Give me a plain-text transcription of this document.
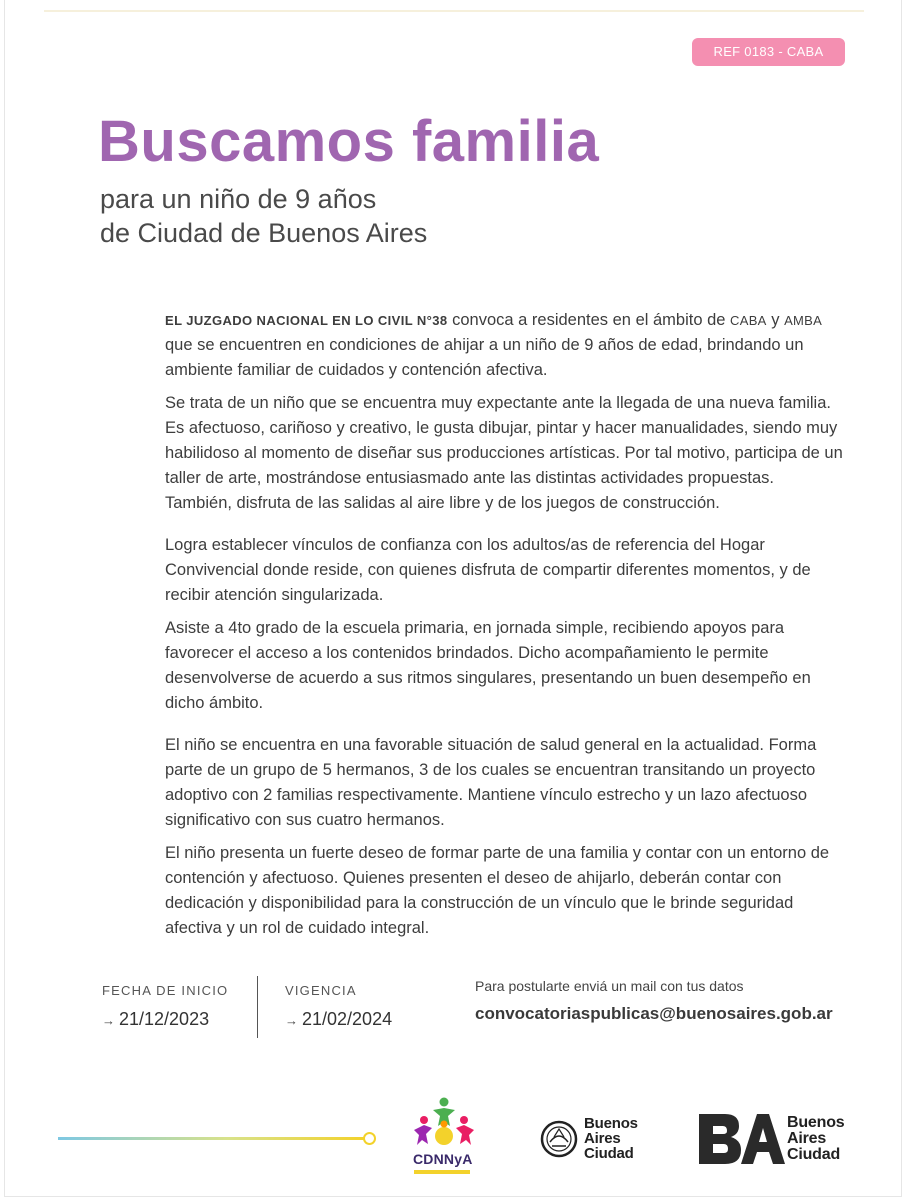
REF 0183 - CABA
Buscamos familia
para un niño de 9 años
de Ciudad de Buenos Aires

EL JUZGADO NACIONAL EN LO CIVIL N°38 convoca a residentes en el ámbito de CABA y AMBA que se encuentren en condiciones de ahijar a un niño de 9 años de edad, brindando un ambiente familiar de cuidados y contención afectiva.

Se trata de un niño que se encuentra muy expectante ante la llegada de una nueva familia. Es afectuoso, cariñoso y creativo, le gusta dibujar, pintar y hacer manualidades, siendo muy habilidoso al momento de diseñar sus producciones artísticas. Por tal motivo, participa de un taller de arte, mostrándose entusiasmado ante las distintas actividades propuestas. También, disfruta de las salidas al aire libre y de los juegos de construcción.

Logra establecer vínculos de confianza con los adultos/as de referencia del Hogar Convivencial donde reside, con quienes disfruta de compartir diferentes momentos, y de recibir atención singularizada.

Asiste a 4to grado de la escuela primaria, en jornada simple, recibiendo apoyos para favorecer el acceso a los contenidos brindados. Dicho acompañamiento le permite desenvolverse de acuerdo a sus ritmos singulares, presentando un buen desempeño en dicho ámbito.

El niño se encuentra en una favorable situación de salud general en la actualidad. Forma parte de un grupo de 5 hermanos, 3 de los cuales se encuentran transitando un proyecto adoptivo con 2 familias respectivamente. Mantiene vínculo estrecho y un lazo afectuoso significativo con sus cuatro hermanos.

El niño presenta un fuerte deseo de formar parte de una familia y contar con un entorno de contención y afectuoso. Quienes presenten el deseo de ahijarlo, deberán contar con dedicación y disponibilidad para la construcción de un vínculo que le brinde seguridad afectiva y un rol de cuidado integral.

FECHA DE INICIO
→ 21/12/2023
VIGENCIA
→ 21/02/2024
Para postularte enviá un mail con tus datos
convocatoriaspublicas@buenosaires.gob.ar
CDNNyA
Buenos
Aires
Ciudad
Buenos
Aires
Ciudad
